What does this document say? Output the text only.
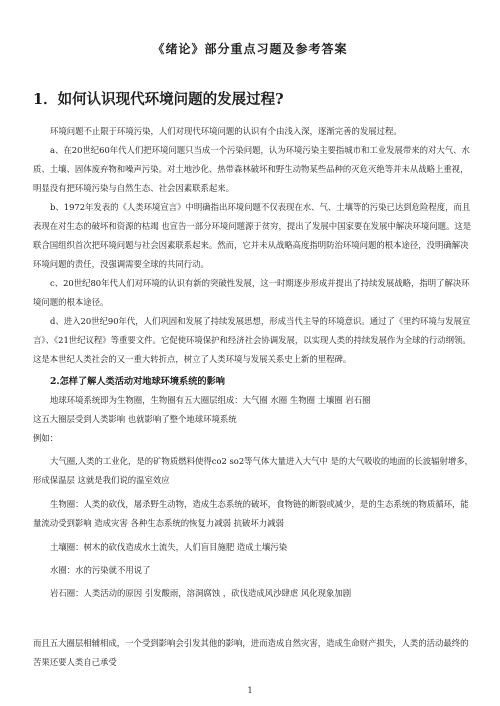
《绪论》部分重点习题及参考答案
1．如何认识现代环境问题的发展过程?

环境问题不止限于环境污染，人们对现代环境问题的认识有个由浅入深，逐渐完善的发展过程。

a、在20世纪60年代人们把环境问题只当成一个污染问题，认为环境污染主要指城市和工业发展带来的对大气、水质、土壤、固体废弃物和噪声污染。对土地沙化、热带森林破坏和野生动物某些品种的灭危灭绝等并未从战略上重视，明显没有把环境污染与自然生态、社会因素联系起来。

b、1972年发表的《人类环境宣言》中明确指出环境问题不仅表现在水、气、土壤等的污染已达到危险程度，而且表现在对生态的破坏和资源的枯竭 也宣告一部分环境问题源于贫穷，提出了发展中国家要在发展中解决环境问题。这是联合国组织首次把环境问题与社会因素联系起来。然而，它并未从战略高度指明防治环境问题的根本途径，没明确解决环境问题的责任，没强调需要全球的共同行动。

c、20世纪80年代人们对环境的认识有新的突破性发展，这一时期逐步形成并提出了持续发展战略，指明了解决环境问题的根本途径。

d、进入20世纪90年代，人们巩固和发展了持续发展思想，形成当代主导的环境意识。通过了《里约环境与发展宣言》、《21世纪议程》等重要文件。它促使环境保护和经济社会协调发展，以实现人类的持续发展作为全球的行动纲领。这是本世纪人类社会的又一重大转折点，树立了人类环境与发展关系史上新的里程碑。

2.怎样了解人类活动对地球环境系统的影响

地球环境系统即为生物圈，生物圈有五大圈层组成：大气圈 水圈 生物圈 土壤圈 岩石圈

这五大圈层受到人类影响 也就影响了整个地球环境系统

例如：

大气圈,人类的工业化，是的矿物质燃料使得co2 so2等气体大量进入大气中 是的大气吸收的地面的长波辐射增多，形成保温层 这就是我们说的温室效应

生物圈：人类的砍伐，屠杀野生动物，造成生态系统的破坏，食物链的断裂或减少，是的生态系统的物质循环，能量流动受到影响 造成灾害 各种生态系统的恢复力减弱 抗破坏力减弱

土壤圈：树木的砍伐造成水土流失，人们盲目施肥 造成土壤污染

水圈：水的污染就不用说了

岩石圈：人类活动的原因 引发酸雨，溶洞腐蚀 ，砍伐造成风沙肆虐 风化现象加剧

而且五大圈层相辅相成，一个受到影响会引发其他的影响，进而造成自然灾害，造成生命财产损失，人类的活动最终的苦果还要人类自己承受

1
